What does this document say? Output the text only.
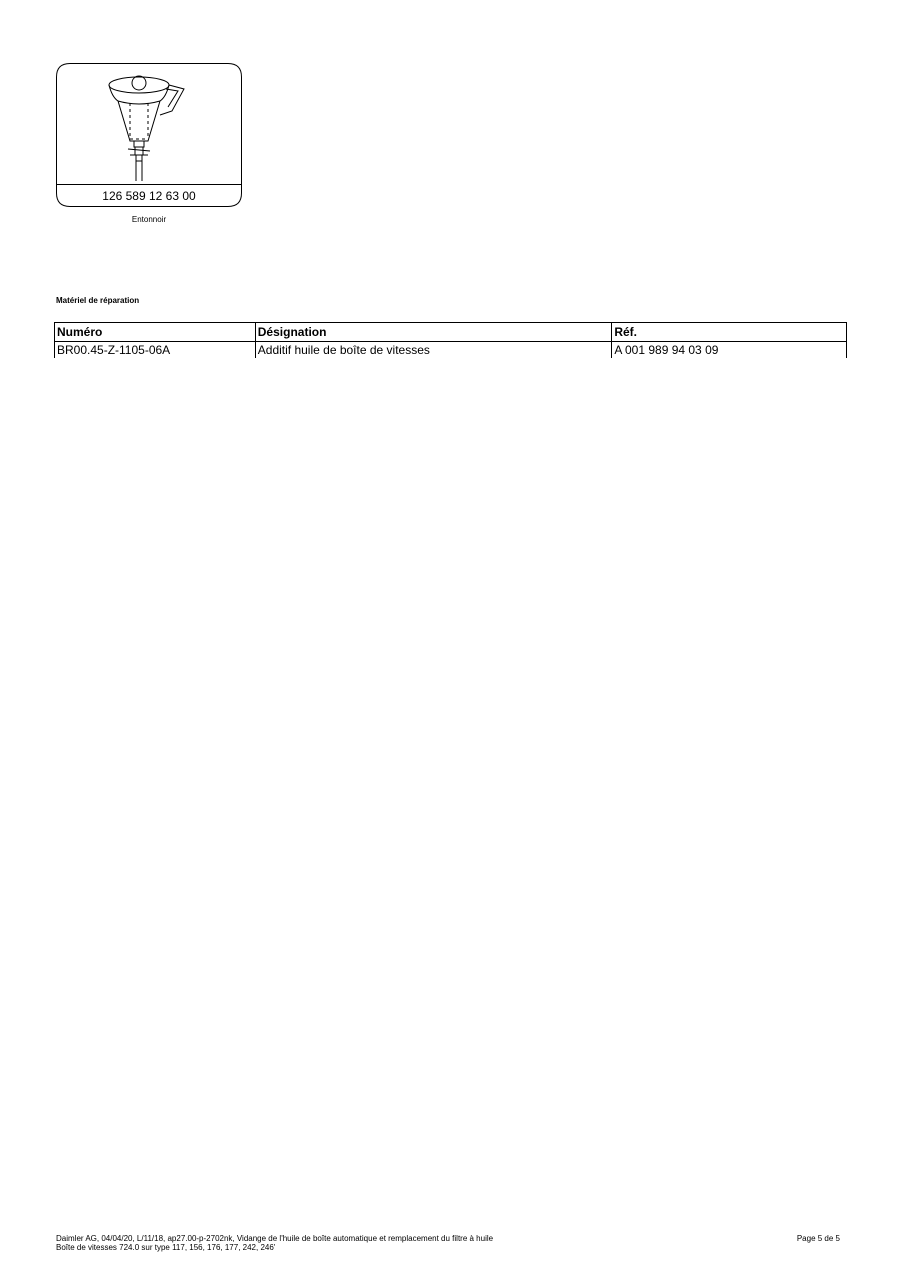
126 589 12 63 00
Entonnoir
Matériel de réparation
Numéro	Désignation	Réf.
BR00.45-Z-1105-06A	Additif huile de boîte de vitesses	A 001 989 94 03 09
Daimler AG, 04/04/20, L/11/18, ap27.00-p-2702nk, Vidange de l'huile de boîte automatique et remplacement du filtre à huile
Boîte de vitesses 724.0 sur type 117, 156, 176, 177, 242, 246'
Page 5 de 5
